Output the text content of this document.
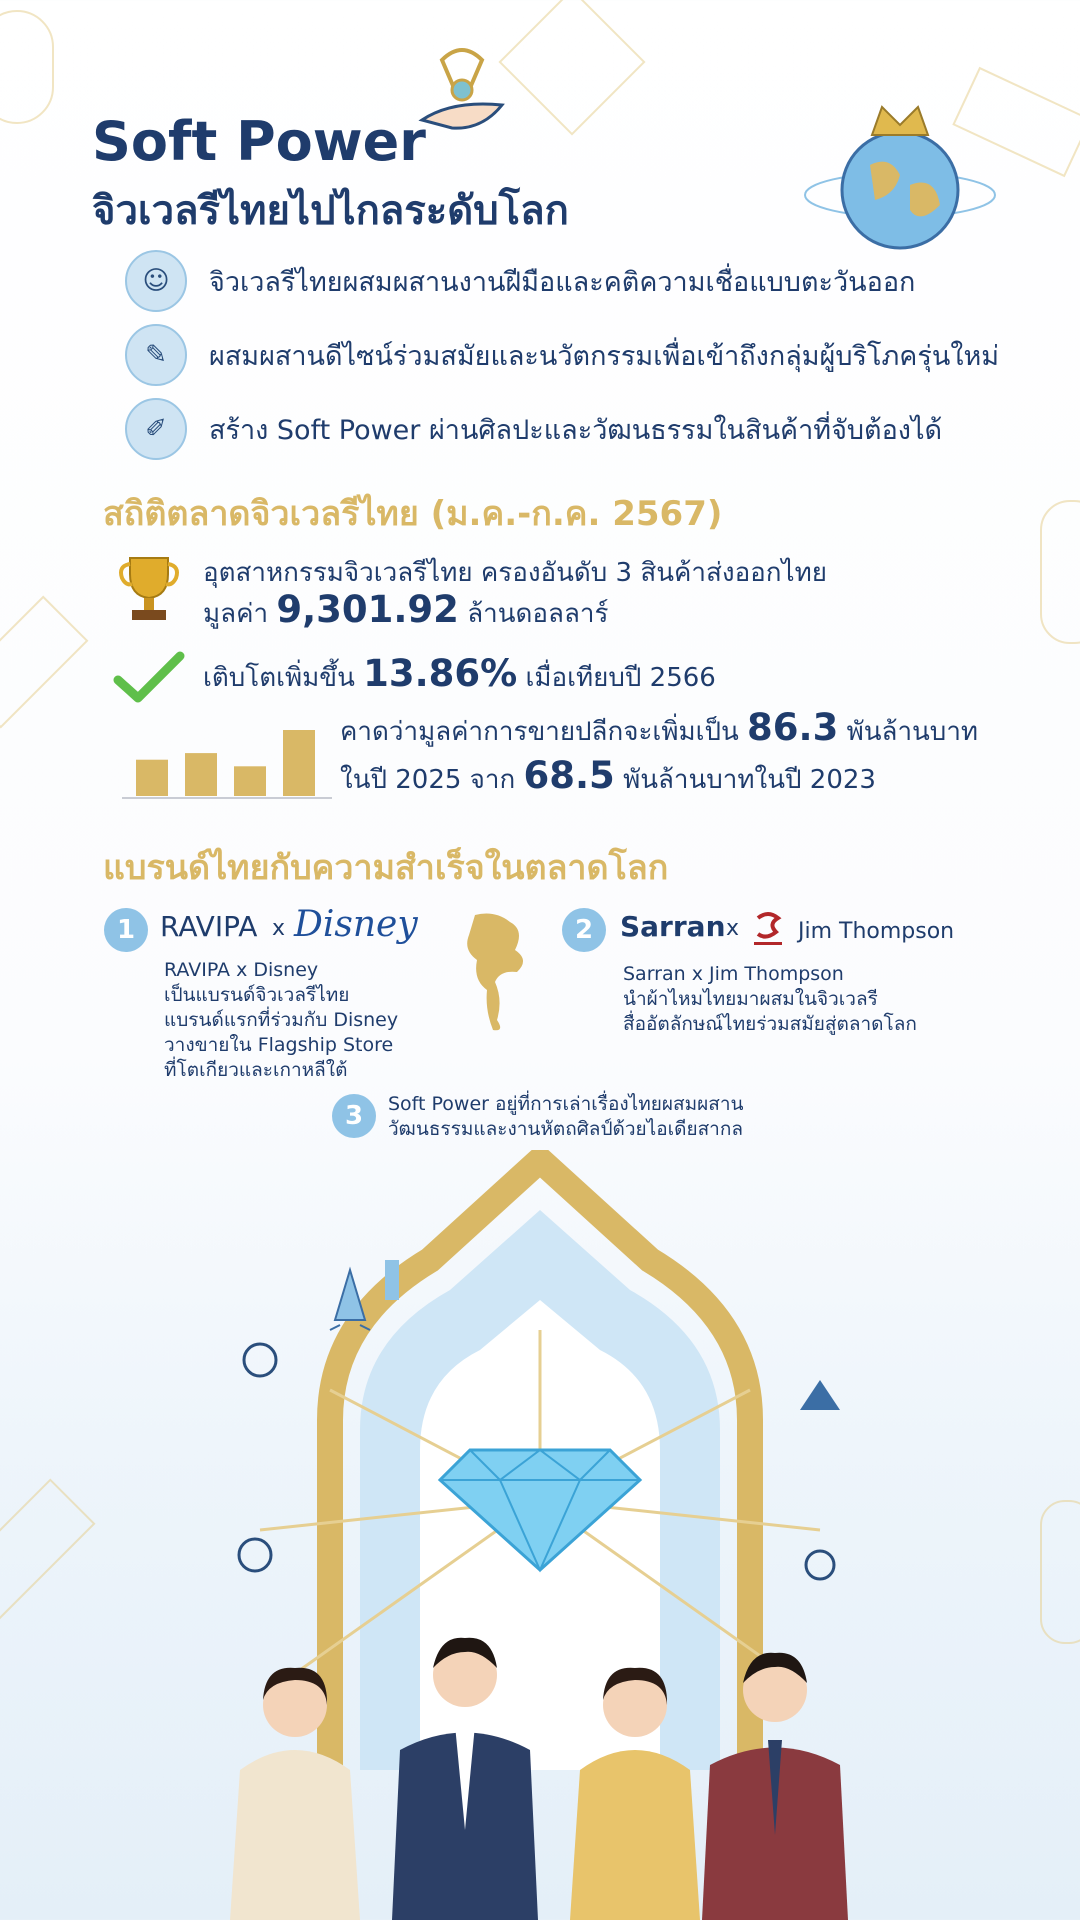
Soft Power
จิวเวลรีไทยไปไกลระดับโลก
☺	จิวเวลรีไทยผสมผสานงานฝีมือและคติความเชื่อแบบตะวันออก
✎	ผสมผสานดีไซน์ร่วมสมัยและนวัตกรรมเพื่อเข้าถึงกลุ่มผู้บริโภครุ่นใหม่
✐	สร้าง Soft Power ผ่านศิลปะและวัฒนธรรมในสินค้าที่จับต้องได้
สถิติตลาดจิวเวลรีไทย (ม.ค.-ก.ค. 2567)
อุตสาหกรรมจิวเวลรีไทย ครองอันดับ 3 สินค้าส่งออกไทย
มูลค่า 9,301.92 ล้านดอลลาร์
เติบโตเพิ่มขึ้น 13.86% เมื่อเทียบปี 2566
คาดว่ามูลค่าการขายปลีกจะเพิ่มเป็น 86.3 พันล้านบาท
ในปี 2025 จาก 68.5 พันล้านบาทในปี 2023
แบรนด์ไทยกับความสำเร็จในตลาดโลก
1 RAVIPA x Disney
RAVIPA x Disney
เป็นแบรนด์จิวเวลรีไทย
แบรนด์แรกที่ร่วมกับ Disney
วางขายใน Flagship Store
ที่โตเกียวและเกาหลีใต้
2 Sarran x	Jim Thompson
Sarran x Jim Thompson
นำผ้าไหมไทยมาผสมในจิวเวลรี
สื่ออัตลักษณ์ไทยร่วมสมัยสู่ตลาดโลก
3	Soft Power อยู่ที่การเล่าเรื่องไทยผสมผสาน
วัฒนธรรมและงานหัตถศิลป์ด้วยไอเดียสากล
